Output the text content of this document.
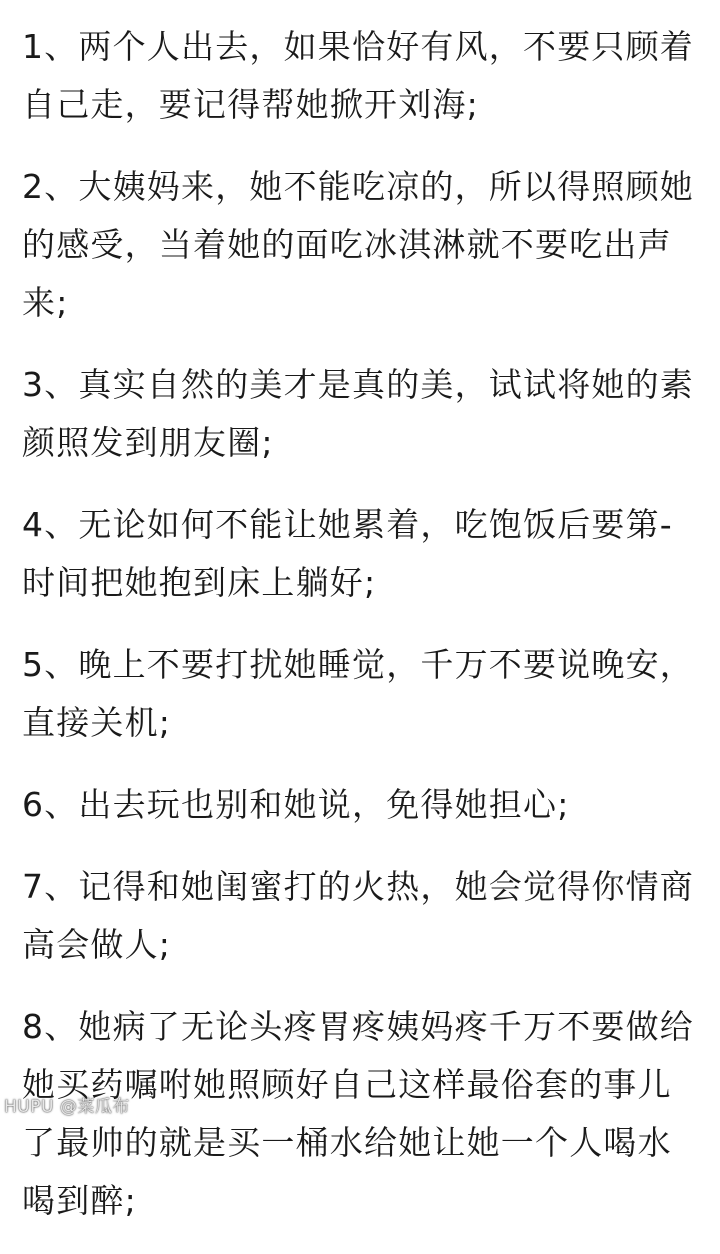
1、两个人出去，如果恰好有风，不要只顾着自己走，要记得帮她掀开刘海;

2、大姨妈来，她不能吃凉的，所以得照顾她的感受，当着她的面吃冰淇淋就不要吃出声来;

3、真实自然的美才是真的美，试试将她的素颜照发到朋友圈;

4、无论如何不能让她累着，吃饱饭后要第-时间把她抱到床上躺好;

5、晚上不要打扰她睡觉，千万不要说晚安，直接关机;

6、出去玩也别和她说，免得她担心;

7、记得和她闺蜜打的火热，她会觉得你情商高会做人;

8、她病了无论头疼胃疼姨妈疼千万不要做给她买药嘱咐她照顾好自己这样最俗套的事儿了最帅的就是买一桶水给她让她一个人喝水喝到醉;

HUPU @菜瓜布
